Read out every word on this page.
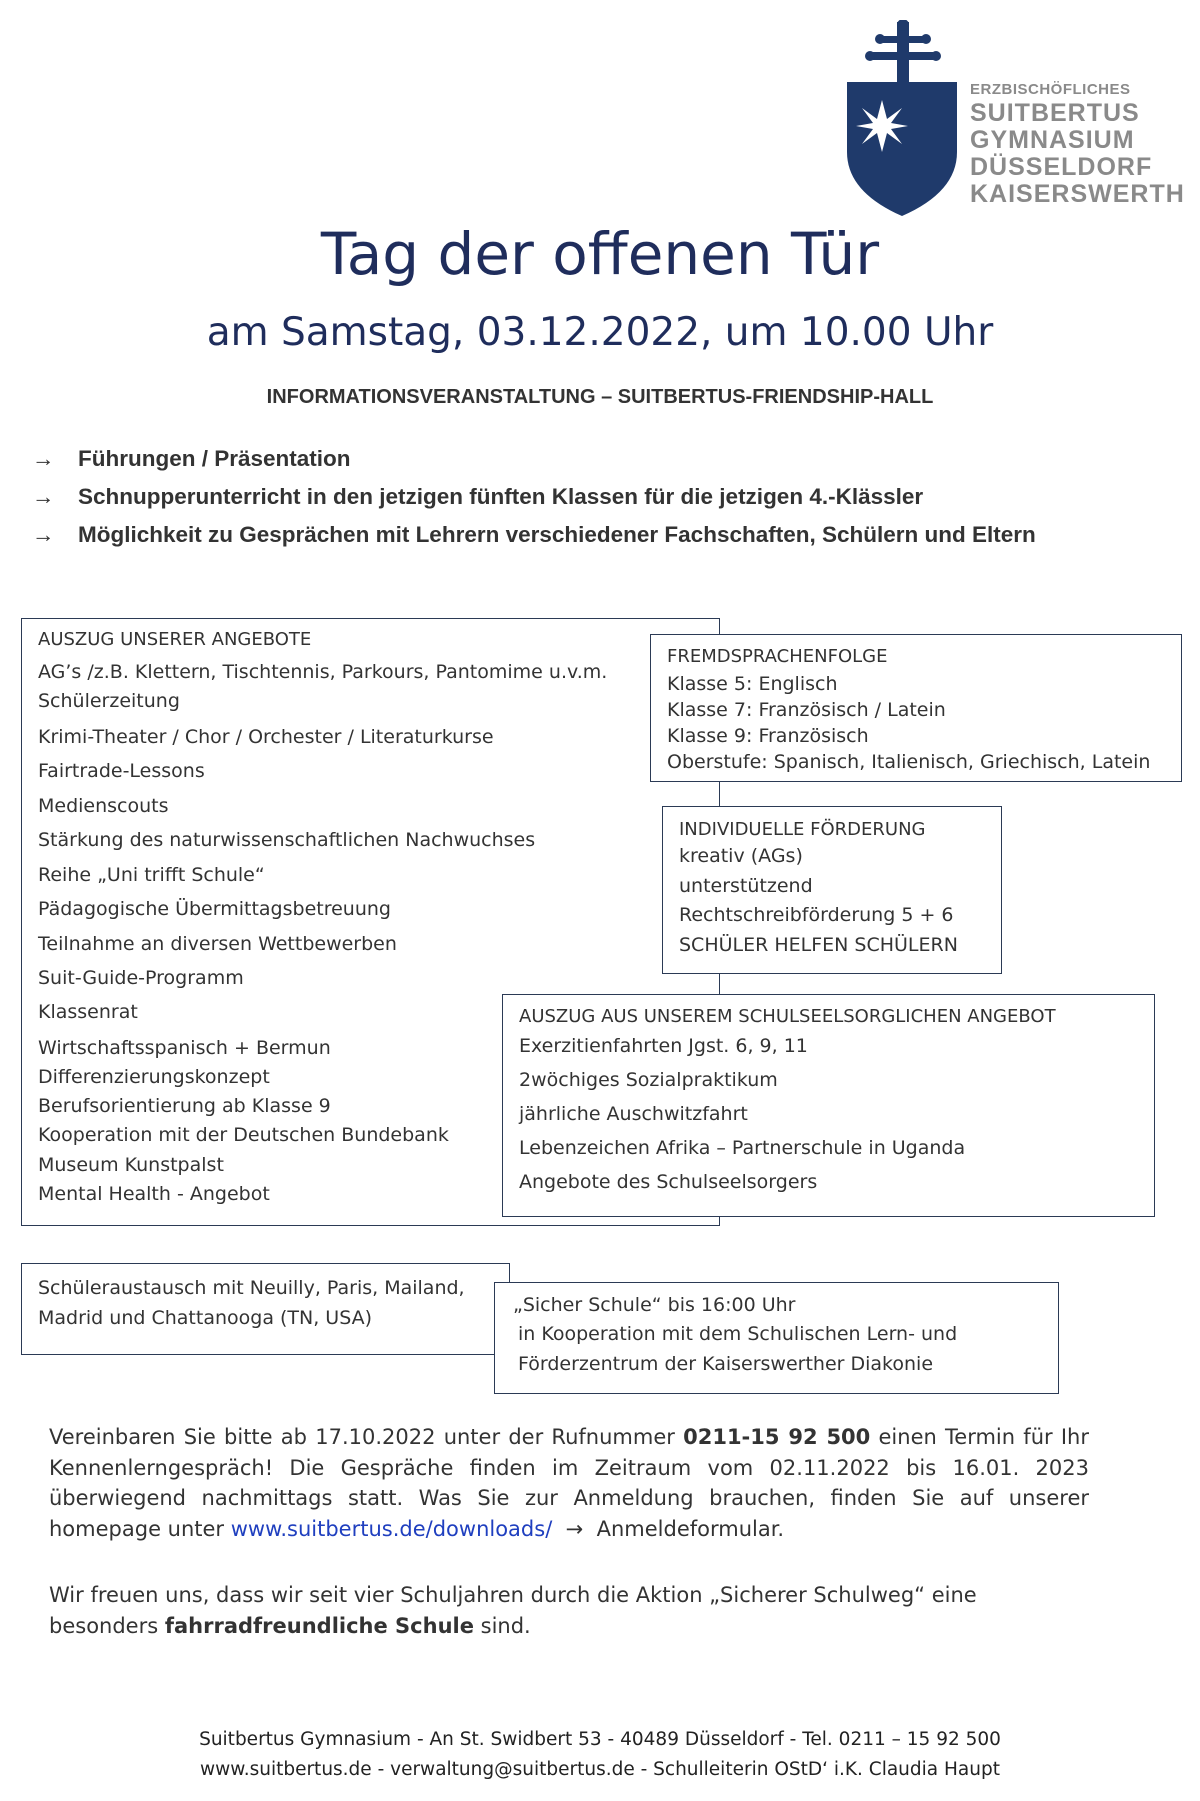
ERZBISCHÖFLICHES
SUITBERTUS
GYMNASIUM
DÜSSELDORF
KAISERSWERTH
Tag der offenen Tür
am Samstag, 03.12.2022, um 10.00 Uhr
INFORMATIONSVERANSTALTUNG – SUITBERTUS-FRIENDSHIP-HALL
→ Führungen / Präsentation
→ Schnupperunterricht in den jetzigen fünften Klassen für die jetzigen 4.-Klässler
→ Möglichkeit zu Gesprächen mit Lehrern verschiedener Fachschaften, Schülern und Eltern
AUSZUG UNSERER ANGEBOTE
AG’s /z.B. Klettern, Tischtennis, Parkours, Pantomime u.v.m.
Schülerzeitung
Krimi-Theater / Chor / Orchester / Literaturkurse
Fairtrade-Lessons
Medienscouts
Stärkung des naturwissenschaftlichen Nachwuchses
Reihe „Uni trifft Schule“
Pädagogische Übermittagsbetreuung
Teilnahme an diversen Wettbewerben
Suit-Guide-Programm
Klassenrat
Wirtschaftsspanisch + Bermun
Differenzierungskonzept
Berufsorientierung ab Klasse 9
Kooperation mit der Deutschen Bundebank
Museum Kunstpalst
Mental Health - Angebot
FREMDSPRACHENFOLGE
Klasse 5: Englisch
Klasse 7: Französisch / Latein
Klasse 9: Französisch
Oberstufe: Spanisch, Italienisch, Griechisch, Latein
INDIVIDUELLE FÖRDERUNG
kreativ (AGs)
unterstützend
Rechtschreibförderung 5 + 6
SCHÜLER HELFEN SCHÜLERN
AUSZUG AUS UNSEREM SCHULSEELSORGLICHEN ANGEBOT
Exerzitienfahrten Jgst. 6, 9, 11
2wöchiges Sozialpraktikum
jährliche Auschwitzfahrt
Lebenzeichen Afrika – Partnerschule in Uganda
Angebote des Schulseelsorgers
Schüleraustausch mit Neuilly, Paris, Mailand,
Madrid und Chattanooga (TN, USA)
„Sicher Schule“ bis 16:00 Uhr
in Kooperation mit dem Schulischen Lern- und
Förderzentrum der Kaiserswerther Diakonie
Vereinbaren Sie bitte ab 17.10.2022 unter der Rufnummer 0211-15 92 500 einen Termin für Ihr Kennenlerngespräch! Die Gespräche finden im Zeitraum vom 02.11.2022 bis 16.01. 2023 überwiegend nachmittags statt. Was Sie zur Anmeldung brauchen, finden Sie auf unserer homepage unter www.suitbertus.de/downloads/ → Anmeldeformular.
Wir freuen uns, dass wir seit vier Schuljahren durch die Aktion „Sicherer Schulweg“ eine besonders fahrradfreundliche Schule sind.
Suitbertus Gymnasium - An St. Swidbert 53 - 40489 Düsseldorf - Tel. 0211 – 15 92 500
www.suitbertus.de - verwaltung@suitbertus.de - Schulleiterin OStD‘ i.K. Claudia Haupt
